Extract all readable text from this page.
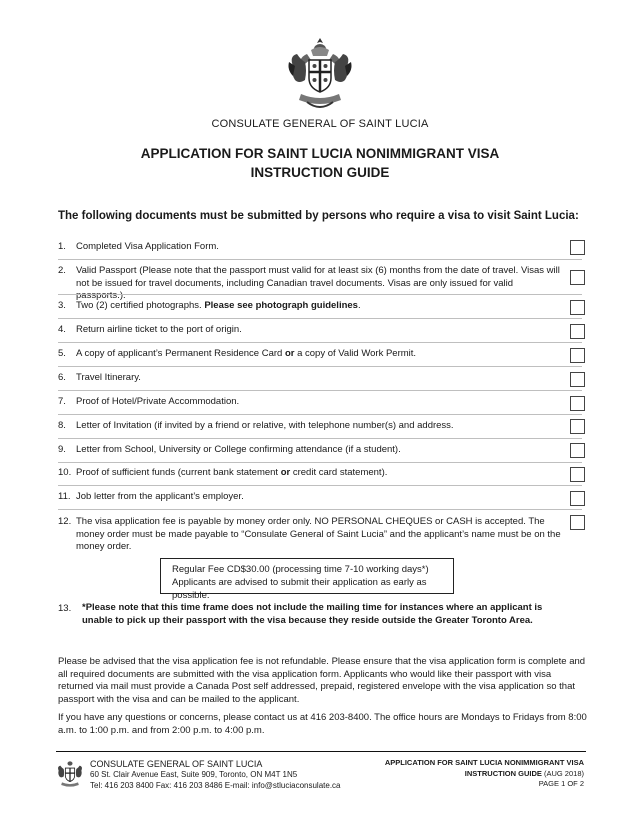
CONSULATE GENERAL OF SAINT LUCIA
APPLICATION FOR SAINT LUCIA NONIMMIGRANT VISA
INSTRUCTION GUIDE
The following documents must be submitted by persons who require a visa to visit Saint Lucia:
1.	Completed Visa Application Form.
2.	Valid Passport (Please note that the passport must valid for at least six (6) months from the date of travel. Visas will not be issued for travel documents, including Canadian travel documents. Visas are only issued for valid passports.).
3.	Two (2) certified photographs. Please see photograph guidelines.
4.	Return airline ticket to the port of origin.
5.	A copy of applicant’s Permanent Residence Card or a copy of Valid Work Permit.
6.	Travel Itinerary.
7.	Proof of Hotel/Private Accommodation.
8.	Letter of Invitation (if invited by a friend or relative, with telephone number(s) and address.
9.	Letter from School, University or College confirming attendance (if a student).
10. Proof of sufficient funds (current bank statement or credit card statement).
11. Job letter from the applicant’s employer.
12. The visa application fee is payable by money order only. NO PERSONAL CHEQUES or CASH is accepted. The money order must be made payable to “Consulate General of Saint Lucia” and the applicant’s name must be on the money order.
Regular Fee CD$30.00 (processing time 7-10 working days*)
Applicants are advised to submit their application as early as possible.
13. *Please note that this time frame does not include the mailing time for instances where an applicant is unable to pick up their passport with the visa because they reside outside the Greater Toronto Area.
Please be advised that the visa application fee is not refundable. Please ensure that the visa application form is complete and all required documents are submitted with the visa application form. Applicants who would like their passport with visa returned via mail must provide a Canada Post self addressed, prepaid, registered envelope with the visa application so that passport with the visa and can be mailed to the applicant.
If you have any questions or concerns, please contact us at 416 203-8400. The office hours are Mondays to Fridays from 8:00 a.m. to 1:00 p.m. and from 2:00 p.m. to 4:00 p.m.
CONSULATE GENERAL OF SAINT LUCIA
60 St. Clair Avenue East, Suite 909, Toronto, ON M4T 1N5
Tel: 416 203 8400 Fax: 416 203 8486 E-mail: info@stluciaconsulate.ca
APPLICATION FOR SAINT LUCIA NONIMMIGRANT VISA
INSTRUCTION GUIDE (AUG 2018)
PAGE 1 OF 2
